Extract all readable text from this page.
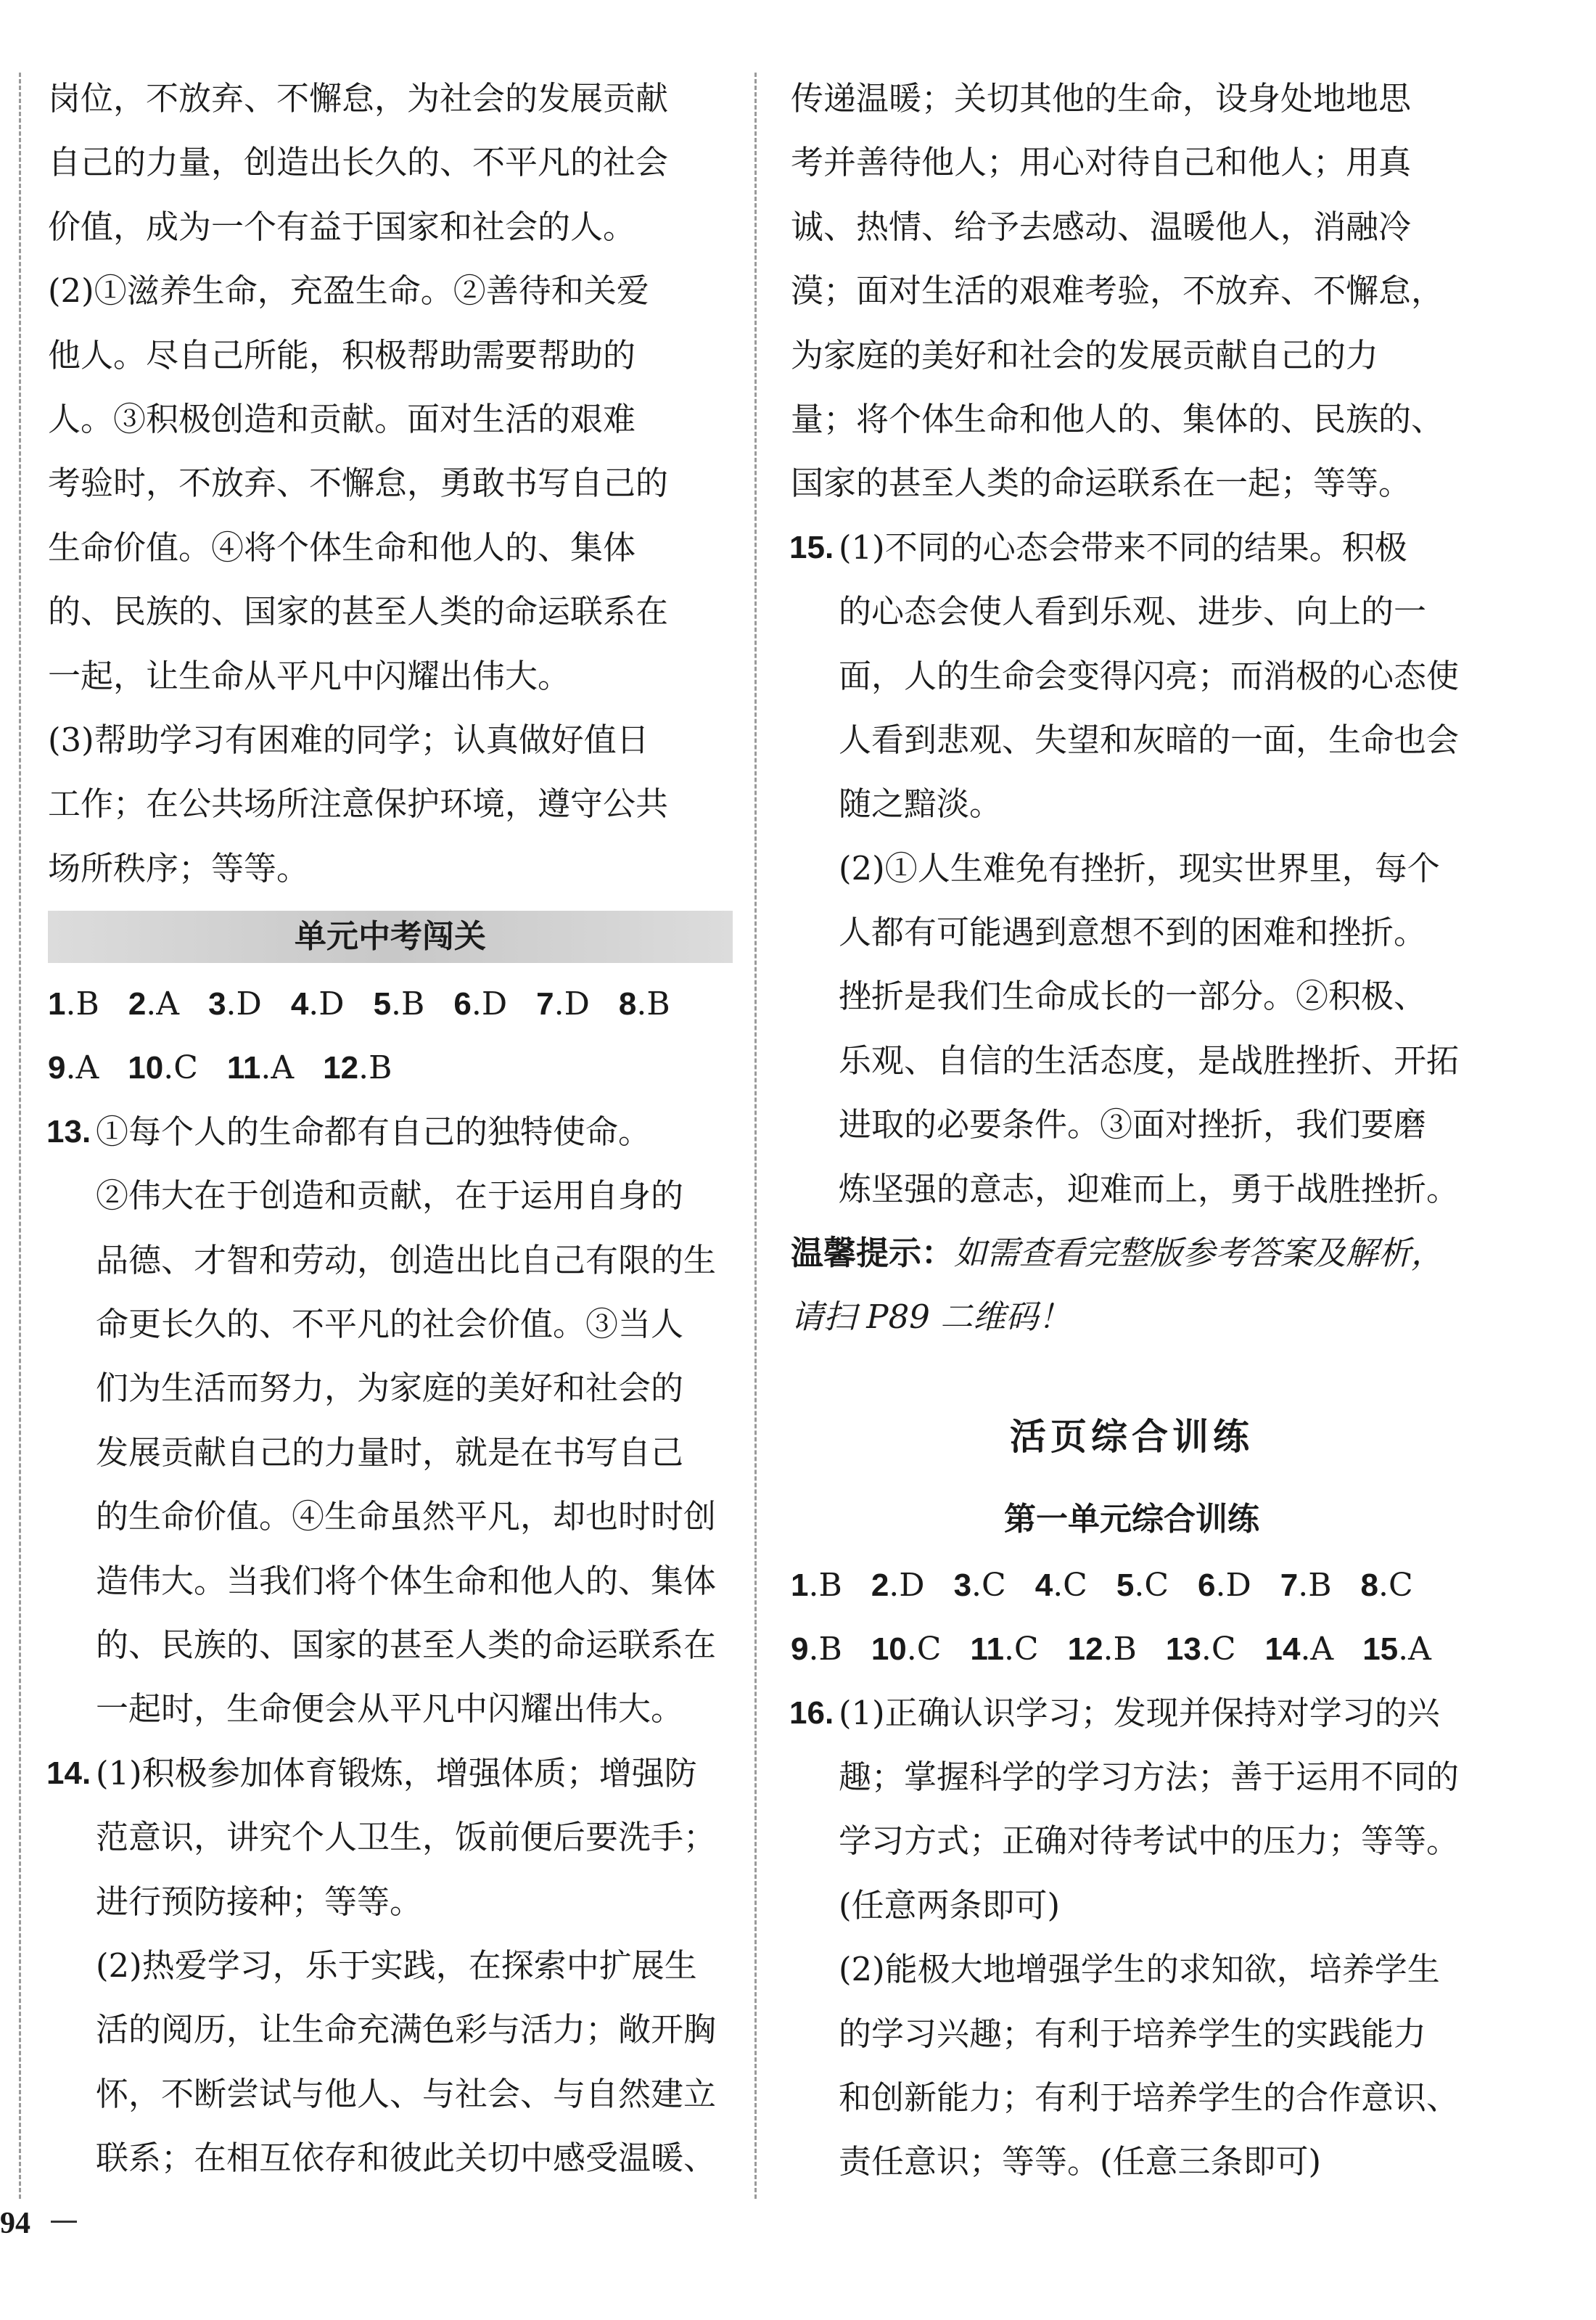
岗位，不放弃、不懈怠，为社会的发展贡献
自己的力量，创造出长久的、不平凡的社会
价值，成为一个有益于国家和社会的人。
(2)①滋养生命，充盈生命。②善待和关爱
他人。尽自己所能，积极帮助需要帮助的
人。③积极创造和贡献。面对生活的艰难
考验时，不放弃、不懈怠，勇敢书写自己的
生命价值。④将个体生命和他人的、集体
的、民族的、国家的甚至人类的命运联系在
一起，让生命从平凡中闪耀出伟大。
(3)帮助学习有困难的同学；认真做好值日
工作；在公共场所注意保护环境，遵守公共
场所秩序；等等。
单元中考闯关
1.B 2.A 3.D 4.D 5.B 6.D 7.D 8.B
9.A 10.C 11.A 12.B
13. ①每个人的生命都有自己的独特使命。
②伟大在于创造和贡献，在于运用自身的
品德、才智和劳动，创造出比自己有限的生
命更长久的、不平凡的社会价值。③当人
们为生活而努力，为家庭的美好和社会的
发展贡献自己的力量时，就是在书写自己
的生命价值。④生命虽然平凡，却也时时创
造伟大。当我们将个体生命和他人的、集体
的、民族的、国家的甚至人类的命运联系在
一起时，生命便会从平凡中闪耀出伟大。
14. (1)积极参加体育锻炼，增强体质；增强防
范意识，讲究个人卫生，饭前便后要洗手；
进行预防接种；等等。
(2)热爱学习，乐于实践，在探索中扩展生
活的阅历，让生命充满色彩与活力；敞开胸
怀，不断尝试与他人、与社会、与自然建立
联系；在相互依存和彼此关切中感受温暖、
传递温暖；关切其他的生命，设身处地地思
考并善待他人；用心对待自己和他人；用真
诚、热情、给予去感动、温暖他人，消融冷
漠；面对生活的艰难考验，不放弃、不懈怠，
为家庭的美好和社会的发展贡献自己的力
量；将个体生命和他人的、集体的、民族的、
国家的甚至人类的命运联系在一起；等等。
15. (1)不同的心态会带来不同的结果。积极
的心态会使人看到乐观、进步、向上的一
面，人的生命会变得闪亮；而消极的心态使
人看到悲观、失望和灰暗的一面，生命也会
随之黯淡。
(2)①人生难免有挫折，现实世界里，每个
人都有可能遇到意想不到的困难和挫折。
挫折是我们生命成长的一部分。②积极、
乐观、自信的生活态度，是战胜挫折、开拓
进取的必要条件。③面对挫折，我们要磨
炼坚强的意志，迎难而上，勇于战胜挫折。
温馨提示：如需查看完整版参考答案及解析，
请扫 P89 二维码！
活页综合训练
第一单元综合训练
1.B 2.D 3.C 4.C 5.C 6.D 7.B 8.C
9.B 10.C 11.C 12.B 13.C 14.A 15.A
16. (1)正确认识学习；发现并保持对学习的兴
趣；掌握科学的学习方法；善于运用不同的
学习方式；正确对待考试中的压力；等等。
(任意两条即可)
(2)能极大地增强学生的求知欲，培养学生
的学习兴趣；有利于培养学生的实践能力
和创新能力；有利于培养学生的合作意识、
责任意识；等等。(任意三条即可)
94
